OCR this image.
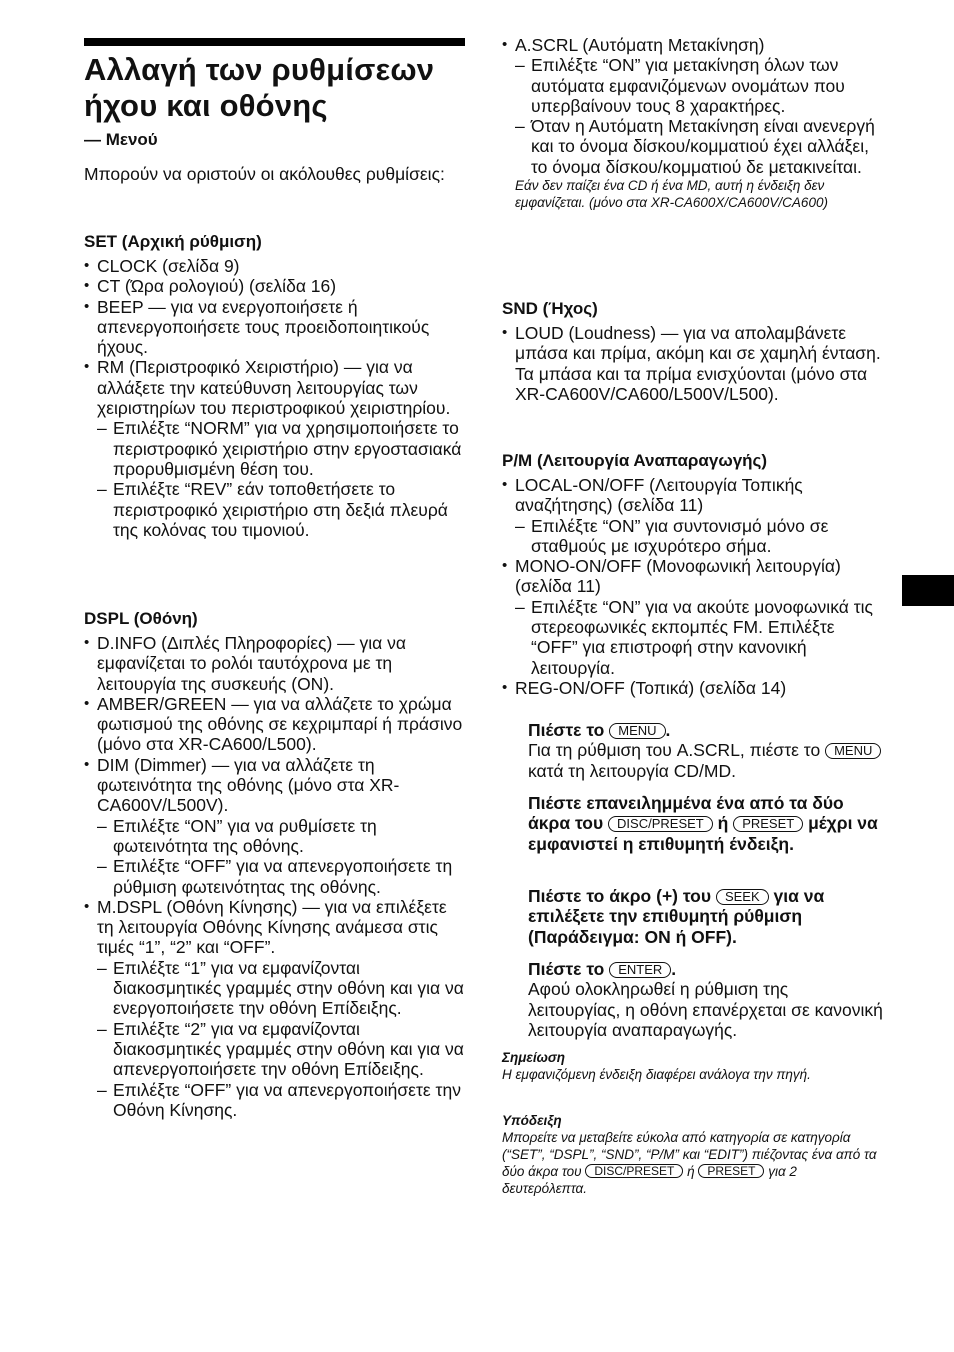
Αλλαγή των ρυθμίσεων ήχου και οθόνης
— Μενού
Μπορούν να οριστούν οι ακόλουθες ρυθμίσεις:
SET (Αρχική ρύθμιση)
• CLOCK (σελίδα 9)
• CT (Ώρα ρολογιού) (σελίδα 16)
• BEEP — για να ενεργοποιήσετε ή απενεργοποιήσετε τους προειδοποιητικούς ήχους.
• RM (Περιστροφικό Χειριστήριο) — για να αλλάξετε την κατεύθυνση λειτουργίας των χειριστηρίων του περιστροφικού χειριστηρίου.
– Επιλέξτε “NORM” για να χρησιμοποιήσετε το περιστροφικό χειριστήριο στην εργοστασιακά προρυθμισμένη θέση του.
– Επιλέξτε “REV” εάν τοποθετήσετε το περιστροφικό χειριστήριο στη δεξιά πλευρά της κολόνας του τιμονιού.
DSPL (Οθόνη)
• D.INFO (Διπλές Πληροφορίες) — για να εμφανίζεται το ρολόι ταυτόχρονα με τη λειτουργία της συσκευής (ON).
• AMBER/GREEN — για να αλλάζετε το χρώμα φωτισμού της οθόνης σε κεχριμπαρί ή πράσινο (μόνο στα XR-CA600/L500).
• DIM (Dimmer) — για να αλλάζετε τη φωτεινότητα της οθόνης (μόνο στα XR-CA600V/L500V).
– Επιλέξτε “ON” για να ρυθμίσετε τη φωτεινότητα της οθόνης.
– Επιλέξτε “OFF” για να απενεργοποιήσετε τη ρύθμιση φωτεινότητας της οθόνης.
• M.DSPL (Οθόνη Κίνησης) — για να επιλέξετε τη λειτουργία Οθόνης Κίνησης ανάμεσα στις τιμές “1”, “2” και “OFF”.
– Επιλέξτε “1” για να εμφανίζονται διακοσμητικές γραμμές στην οθόνη και για να ενεργοποιήσετε την οθόνη Επίδειξης.
– Επιλέξτε “2” για να εμφανίζονται διακοσμητικές γραμμές στην οθόνη και για να απενεργοποιήσετε την οθόνη Επίδειξης.
– Επιλέξτε “OFF” για να απενεργοποιήσετε την Οθόνη Κίνησης.
• A.SCRL (Αυτόματη Μετακίνηση)
– Επιλέξτε “ON” για μετακίνηση όλων των αυτόματα εμφανιζόμενων ονομάτων που υπερβαίνουν τους 8 χαρακτήρες.
– Όταν η Αυτόματη Μετακίνηση είναι ανενεργή και το όνομα δίσκου/κομματιού έχει αλλάξει, το όνομα δίσκου/κομματιού δε μετακινείται.
Εάν δεν παίζει ένα CD ή ένα MD, αυτή η ένδειξη δεν εμφανίζεται. (μόνο στα XR-CA600X/CA600V/CA600)
SND (Ήχος)
• LOUD (Loudness) — για να απολαμβάνετε μπάσα και πρίμα, ακόμη και σε χαμηλή ένταση. Τα μπάσα και τα πρίμα ενισχύονται (μόνο στα XR-CA600V/CA600/L500V/L500).
P/M (Λειτουργία Αναπαραγωγής)
• LOCAL-ON/OFF (Λειτουργία Τοπικής αναζήτησης) (σελίδα 11)
– Επιλέξτε “ON” για συντονισμό μόνο σε σταθμούς με ισχυρότερο σήμα.
• MONO-ON/OFF (Μονοφωνική λειτουργία) (σελίδα 11)
– Επιλέξτε “ON” για να ακούτε μονοφωνικά τις στερεοφωνικές εκπομπές FM. Επιλέξτε “OFF” για επιστροφή στην κανονική λειτουργία.
• REG-ON/OFF (Τοπικά) (σελίδα 14)
Πιέστε το MENU .
Για τη ρύθμιση του A.SCRL, πιέστε το MENU κατά τη λειτουργία CD/MD.
Πιέστε επανειλημμένα ένα από τα δύο άκρα του DISC/PRESET ή PRESET μέχρι να εμφανιστεί η επιθυμητή ένδειξη.
Πιέστε το άκρο (+) του SEEK για να επιλέξετε την επιθυμητή ρύθμιση (Παράδειγμα: ON ή OFF).
Πιέστε το ENTER .
Αφού ολοκληρωθεί η ρύθμιση της λειτουργίας, η οθόνη επανέρχεται σε κανονική λειτουργία αναπαραγωγής.
Σημείωση
Η εμφανιζόμενη ένδειξη διαφέρει ανάλογα την πηγή.
Υπόδειξη
Μπορείτε να μεταβείτε εύκολα από κατηγορία σε κατηγορία (“SET”, “DSPL”, “SND”, “P/M” και “EDIT”) πιέζοντας ένα από τα δύο άκρα του DISC/PRESET ή PRESET για 2 δευτερόλεπτα.
